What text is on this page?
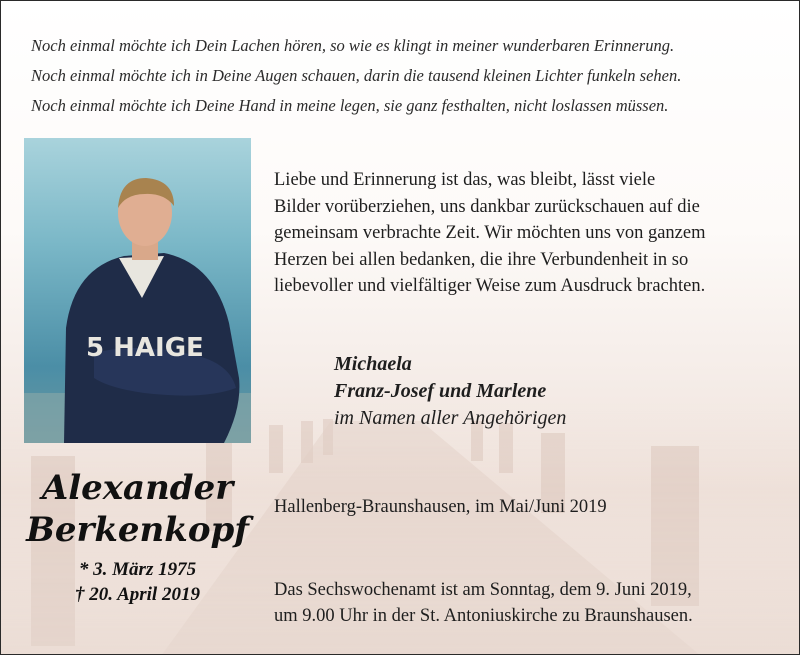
Noch einmal möchte ich Dein Lachen hören, so wie es klingt in meiner wunderbaren Erinnerung.
Noch einmal möchte ich in Deine Augen schauen, darin die tausend kleinen Lichter funkeln sehen.
Noch einmal möchte ich Deine Hand in meine legen, sie ganz festhalten, nicht loslassen müssen.
5 HAIGE
Liebe und Erinnerung ist das, was bleibt, lässt viele
Bilder vorüberziehen, uns dankbar zurückschauen auf die
gemeinsam verbrachte Zeit. Wir möchten uns von ganzem
Herzen bei allen bedanken, die ihre Verbundenheit in so
liebevoller und vielfältiger Weise zum Ausdruck brachten.
Michaela
Franz-Josef und Marlene
im Namen aller Angehörigen
Alexander
Berkenkopf
* 3. März 1975
† 20. April 2019
Hallenberg-Braunshausen, im Mai/Juni 2019
Das Sechswochenamt ist am Sonntag, dem 9. Juni 2019,
um 9.00 Uhr in der St. Antoniuskirche zu Braunshausen.
